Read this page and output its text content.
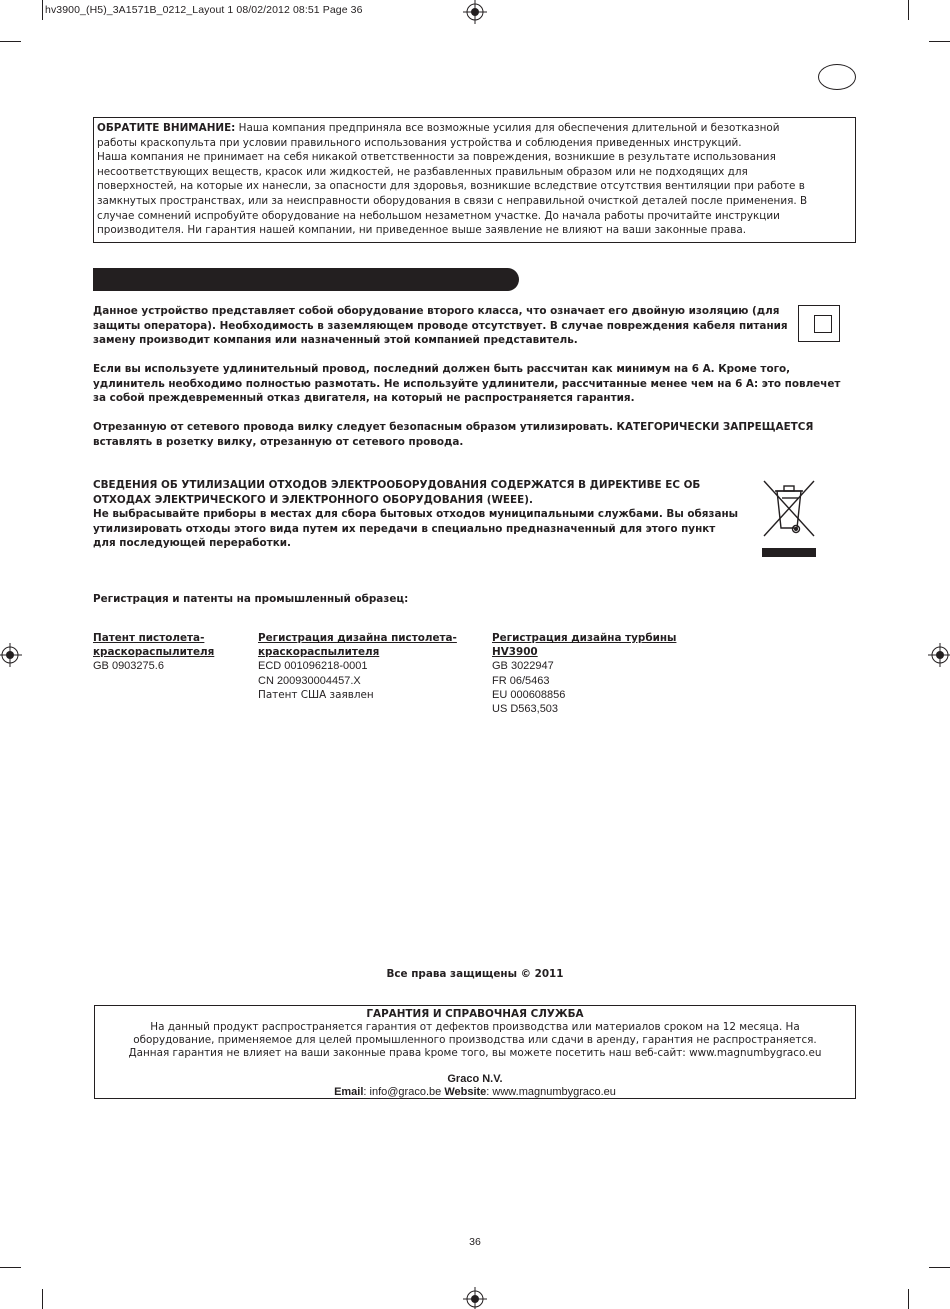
hv3900_(H5)_3A1571B_0212_Layout 1 08/02/2012 08:51 Page 36

ОБРАТИТЕ ВНИМАНИЕ: Наша компания предприняла все возможные усилия для обеспечения длительной и безотказной

работы краскопульта при условии правильного использования устройства и соблюдения приведенных инструкций.

Наша компания не принимает на себя никакой ответственности за повреждения, возникшие в результате использования

несоответствующих веществ, красок или жидкостей, не разбавленных правильным образом или не подходящих для

поверхностей, на которые их нанесли, за опасности для здоровья, возникшие вследствие отсутствия вентиляции при работе в

замкнутых пространствах, или за неисправности оборудования в связи с неправильной очисткой деталей после применения. В

случае сомнений испробуйте оборудование на небольшом незаметном участке. До начала работы прочитайте инструкции

производителя. Ни гарантия нашей компании, ни приведенное выше заявление не влияют на ваши законные права.

Данное устройство представляет собой оборудование второго класса, что означает его двойную изоляцию (для

защиты оператора). Необходимость в заземляющем проводе отсутствует. В случае повреждения кабеля питания

замену производит компания или назначенный этой компанией представитель.

Если вы используете удлинительный провод, последний должен быть рассчитан как минимум на 6 А. Кроме того,

удлинитель необходимо полностью размотать. Не используйте удлинители, рассчитанные менее чем на 6 А: это повлечет

за собой преждевременный отказ двигателя, на который не распространяется гарантия.

Отрезанную от сетевого провода вилку следует безопасным образом утилизировать. КАТЕГОРИЧЕСКИ ЗАПРЕЩАЕТСЯ

вставлять в розетку вилку, отрезанную от сетевого провода.

СВЕДЕНИЯ ОБ УТИЛИЗАЦИИ ОТХОДОВ ЭЛЕКТРООБОРУДОВАНИЯ СОДЕРЖАТСЯ В ДИРЕКТИВЕ ЕС ОБ

ОТХОДАХ ЭЛЕКТРИЧЕСКОГО И ЭЛЕКТРОННОГО ОБОРУДОВАНИЯ (WEEE).

Не выбрасывайте приборы в местах для сбора бытовых отходов муниципальными службами. Вы обязаны

утилизировать отходы этого вида путем их передачи в специально предназначенный для этого пункт

для последующей переработки.

Регистрация и патенты на промышленный образец:
Патент пистолета-
краскораспылителя
GB 0903275.6
Регистрация дизайна пистолета-
краскораспылителя
ECD 001096218-0001
CN 200930004457.X
Патент США заявлен
Регистрация дизайна турбины
HV3900
GB 3022947
FR 06/5463
EU 000608856
US D563,503
Все права защищены © 2011

ГАРАНТИЯ И СПРАВОЧНАЯ СЛУЖБА

На данный продукт распространяется гарантия от дефектов производства или материалов сроком на 12 месяца. На

оборудование, применяемое для целей промышленного производства или сдачи в аренду, гарантия не распространяется.

Данная гарантия не влияет на ваши законные права kроме того, вы можете посетить наш веб-сайт: www.magnumbygraco.eu

Graco N.V.

Email: info@graco.be Website: www.magnumbygraco.eu

36
